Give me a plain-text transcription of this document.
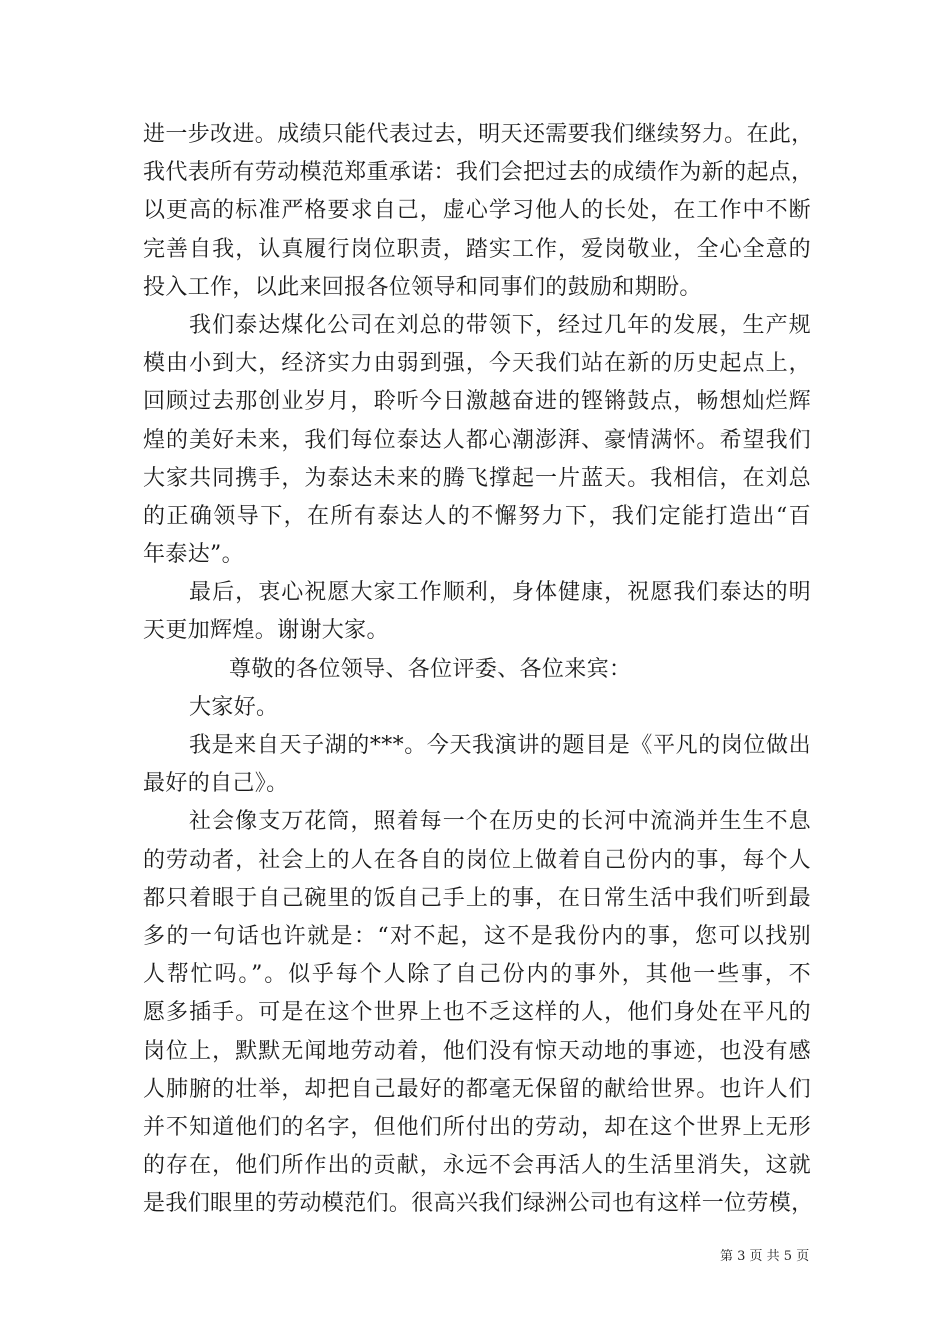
进一步改进。成绩只能代表过去，明天还需要我们继续努力。在此，
我代表所有劳动模范郑重承诺：我们会把过去的成绩作为新的起点，
以更高的标准严格要求自己，虚心学习他人的长处，在工作中不断
完善自我，认真履行岗位职责，踏实工作，爱岗敬业，全心全意的
投入工作，以此来回报各位领导和同事们的鼓励和期盼。
我们泰达煤化公司在刘总的带领下，经过几年的发展，生产规
模由小到大，经济实力由弱到强，今天我们站在新的历史起点上，
回顾过去那创业岁月，聆听今日激越奋进的铿锵鼓点，畅想灿烂辉
煌的美好未来，我们每位泰达人都心潮澎湃、豪情满怀。希望我们
大家共同携手，为泰达未来的腾飞撑起一片蓝天。我相信，在刘总
的正确领导下，在所有泰达人的不懈努力下，我们定能打造出“百
年泰达”。
最后，衷心祝愿大家工作顺利，身体健康，祝愿我们泰达的明
天更加辉煌。谢谢大家。
尊敬的各位领导、各位评委、各位来宾：
大家好。
我是来自天子湖的***。今天我演讲的题目是《平凡的岗位做出
最好的自己》。
社会像支万花筒，照着每一个在历史的长河中流淌并生生不息
的劳动者，社会上的人在各自的岗位上做着自己份内的事，每个人
都只着眼于自己碗里的饭自己手上的事，在日常生活中我们听到最
多的一句话也许就是：“对不起，这不是我份内的事，您可以找别
人帮忙吗。”。似乎每个人除了自己份内的事外，其他一些事，不
愿多插手。可是在这个世界上也不乏这样的人，他们身处在平凡的
岗位上，默默无闻地劳动着，他们没有惊天动地的事迹，也没有感
人肺腑的壮举，却把自己最好的都毫无保留的献给世界。也许人们
并不知道他们的名字，但他们所付出的劳动，却在这个世界上无形
的存在，他们所作出的贡献，永远不会再活人的生活里消失，这就
是我们眼里的劳动模范们。很高兴我们绿洲公司也有这样一位劳模，
第 3 页 共 5 页
